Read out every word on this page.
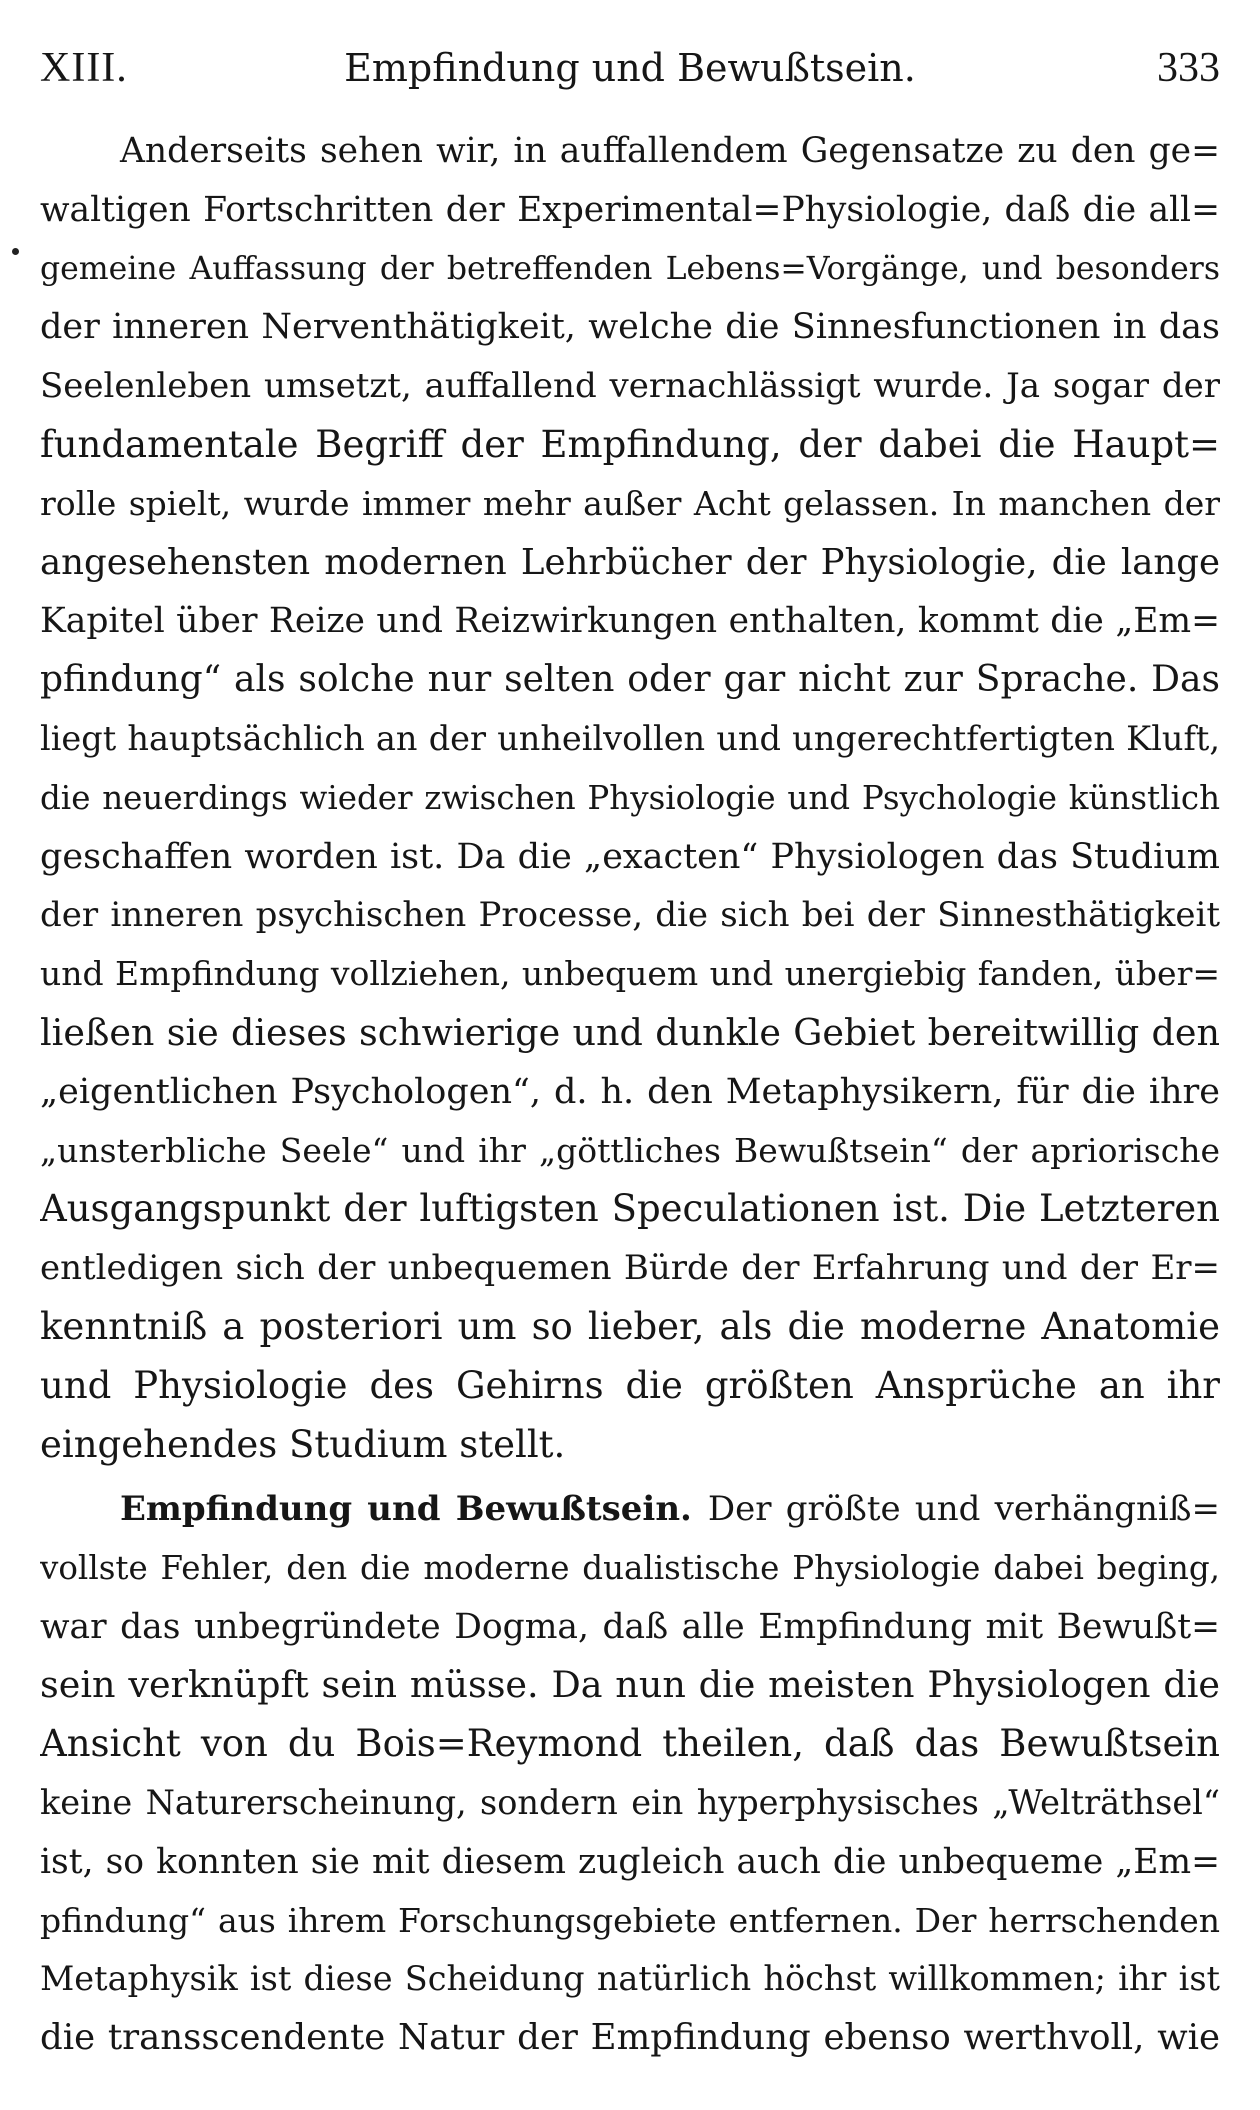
XIII.	Empfindung und Bewußtsein.	333
Anderseits sehen wir, in auffallendem Gegensatze zu den ge=
waltigen Fortschritten der Experimental=Physiologie, daß die all=
gemeine Auffassung der betreffenden Lebens=Vorgänge, und besonders
der inneren Nerventhätigkeit, welche die Sinnesfunctionen in das
Seelenleben umsetzt, auffallend vernachlässigt wurde. Ja sogar der
fundamentale Begriff der Empfindung, der dabei die Haupt=
rolle spielt, wurde immer mehr außer Acht gelassen. In manchen der
angesehensten modernen Lehrbücher der Physiologie, die lange
Kapitel über Reize und Reizwirkungen enthalten, kommt die „Em=
pfindung“ als solche nur selten oder gar nicht zur Sprache. Das
liegt hauptsächlich an der unheilvollen und ungerechtfertigten Kluft,
die neuerdings wieder zwischen Physiologie und Psychologie künstlich
geschaffen worden ist. Da die „exacten“ Physiologen das Studium
der inneren psychischen Processe, die sich bei der Sinnesthätigkeit
und Empfindung vollziehen, unbequem und unergiebig fanden, über=
ließen sie dieses schwierige und dunkle Gebiet bereitwillig den
„eigentlichen Psychologen“, d. h. den Metaphysikern, für die ihre
„unsterbliche Seele“ und ihr „göttliches Bewußtsein“ der apriorische
Ausgangspunkt der luftigsten Speculationen ist. Die Letzteren
entledigen sich der unbequemen Bürde der Erfahrung und der Er=
kenntniß a posteriori um so lieber, als die moderne Anatomie
und Physiologie des Gehirns die größten Ansprüche an ihr
eingehendes Studium stellt.
Empfindung und Bewußtsein. Der größte und verhängniß=
vollste Fehler, den die moderne dualistische Physiologie dabei beging,
war das unbegründete Dogma, daß alle Empfindung mit Bewußt=
sein verknüpft sein müsse. Da nun die meisten Physiologen die
Ansicht von du Bois=Reymond theilen, daß das Bewußtsein
keine Naturerscheinung, sondern ein hyperphysisches „Welträthsel“
ist, so konnten sie mit diesem zugleich auch die unbequeme „Em=
pfindung“ aus ihrem Forschungsgebiete entfernen. Der herrschenden
Metaphysik ist diese Scheidung natürlich höchst willkommen; ihr ist
die transscendente Natur der Empfindung ebenso werthvoll, wie
